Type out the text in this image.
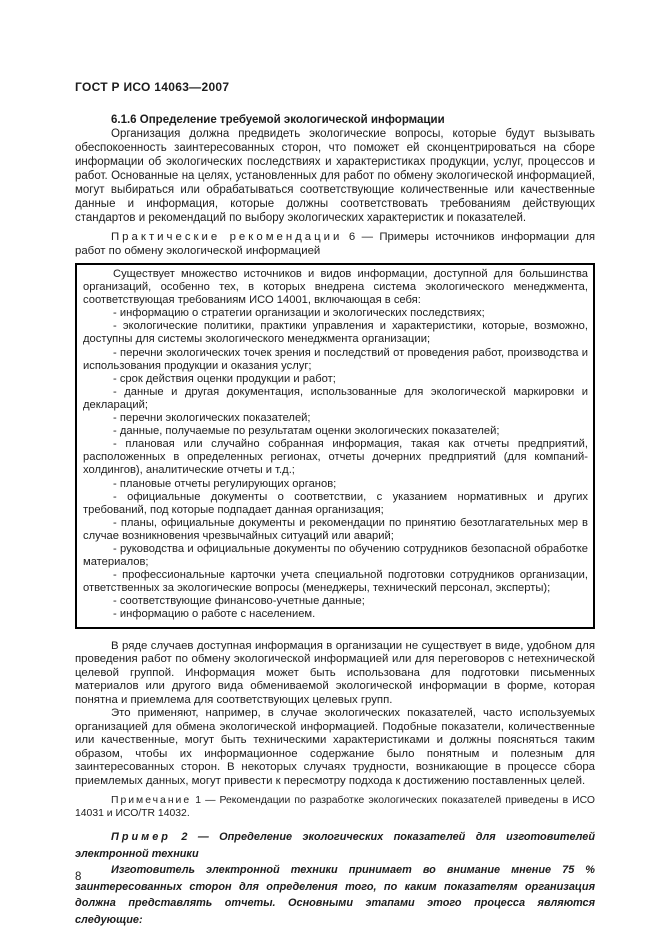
ГОСТ Р ИСО 14063—2007

6.1.6 Определение требуемой экологической информации

Организация должна предвидеть экологические вопросы, которые будут вызывать обеспокоенность заинтересованных сторон, что поможет ей сконцентрироваться на сборе информации об экологических последствиях и характеристиках продукции, услуг, процессов и работ. Основанные на целях, установленных для работ по обмену экологической информацией, могут выбираться или обрабатываться соответствующие количественные или качественные данные и информация, которые должны соответствовать требованиям действующих стандартов и рекомендаций по выбору экологических характеристик и показателей.

Практические рекомендации 6 — Примеры источников информации для работ по обмену экологической информацией

Существует множество источников и видов информации, доступной для большинства организаций, особенно тех, в которых внедрена система экологического менеджмента, соответствующая требованиям ИСО 14001, включающая в себя:

- информацию о стратегии организации и экологических последствиях;

- экологические политики, практики управления и характеристики, которые, возможно, доступны для системы экологического менеджмента организации;

- перечни экологических точек зрения и последствий от проведения работ, производства и использования продукции и оказания услуг;

- срок действия оценки продукции и работ;

- данные и другая документация, использованные для экологической маркировки и деклараций;

- перечни экологических показателей;

- данные, получаемые по результатам оценки экологических показателей;

- плановая или случайно собранная информация, такая как отчеты предприятий, расположенных в определенных регионах, отчеты дочерних предприятий (для компаний-холдингов), аналитические отчеты и т.д.;

- плановые отчеты регулирующих органов;

- официальные документы о соответствии, с указанием нормативных и других требований, под которые подпадает данная организация;

- планы, официальные документы и рекомендации по принятию безотлагательных мер в случае возникновения чрезвычайных ситуаций или аварий;

- руководства и официальные документы по обучению сотрудников безопасной обработке материалов;

- профессиональные карточки учета специальной подготовки сотрудников организации, ответственных за экологические вопросы (менеджеры, технический персонал, эксперты);

- соответствующие финансово-учетные данные;

- информацию о работе с населением.

В ряде случаев доступная информация в организации не существует в виде, удобном для проведения работ по обмену экологической информацией или для переговоров с нетехнической целевой группой. Информация может быть использована для подготовки письменных материалов или другого вида обмениваемой экологической информации в форме, которая понятна и приемлема для соответствующих целевых групп.

Это применяют, например, в случае экологических показателей, часто используемых организацией для обмена экологической информацией. Подобные показатели, количественные или качественные, могут быть техническими характеристиками и должны поясняться таким образом, чтобы их информационное содержание было понятным и полезным для заинтересованных сторон. В некоторых случаях трудности, возникающие в процессе сбора приемлемых данных, могут привести к пересмотру подхода к достижению поставленных целей.

Примечание 1 — Рекомендации по разработке экологических показателей приведены в ИСО 14031 и ИСО/TR 14032.

Пример 2 — Определение экологических показателей для изготовителей электронной техники

Изготовитель электронной техники принимает во внимание мнение 75 % заинтересованных сторон для определения того, по каким показателям организация должна представлять отчеты. Основными этапами этого процесса являются следующие:

8
